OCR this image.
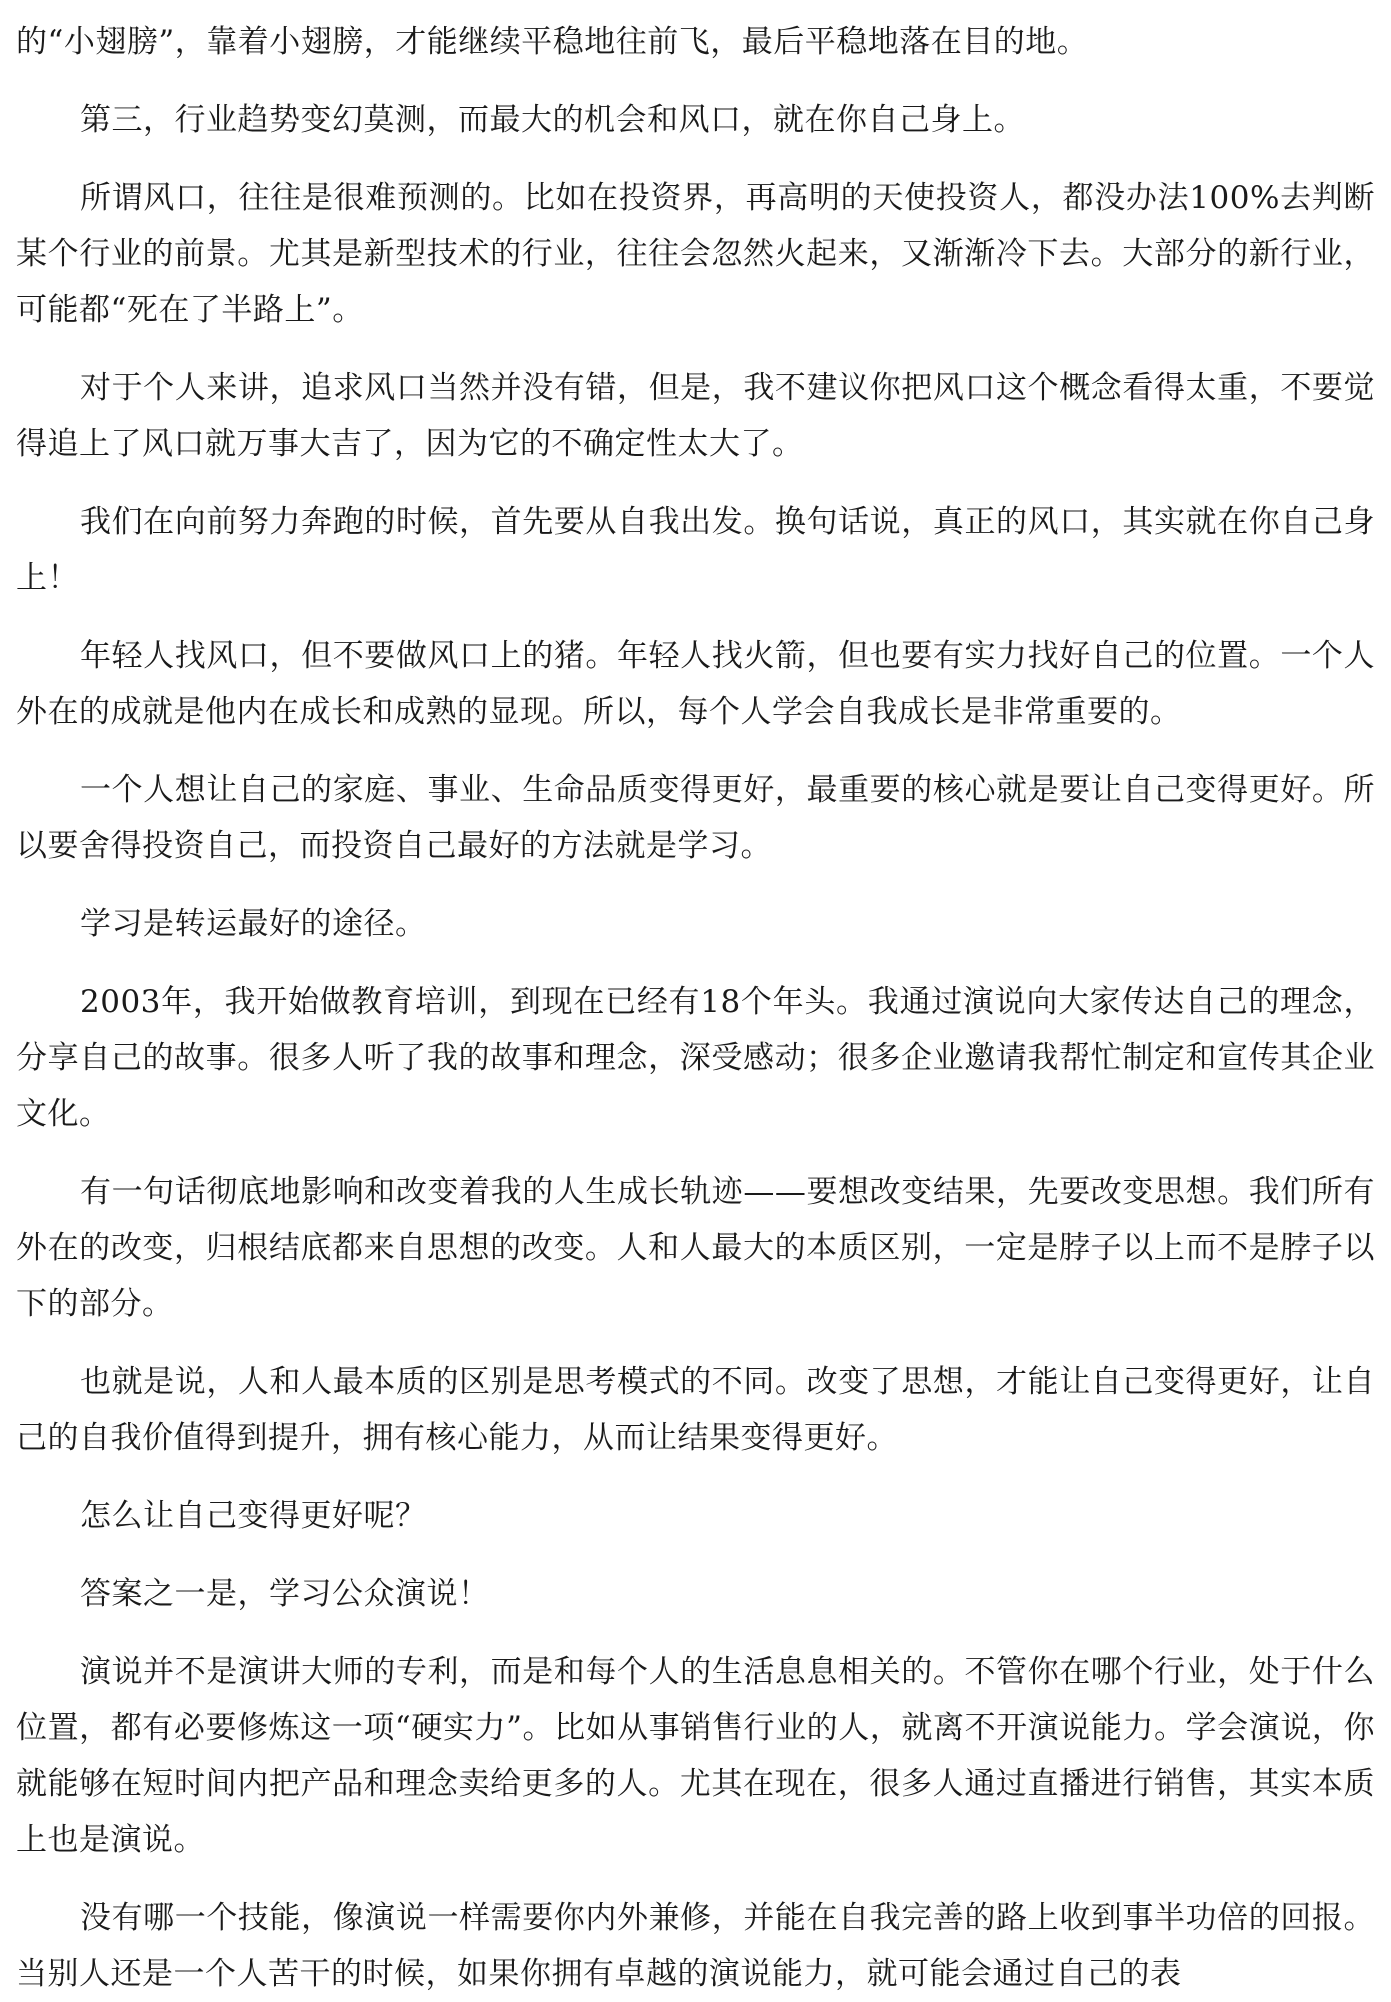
的“小翅膀”，靠着小翅膀，才能继续平稳地往前飞，最后平稳地落在目的地。

第三，行业趋势变幻莫测，而最大的机会和风口，就在你自己身上。

所谓风口，往往是很难预测的。比如在投资界，再高明的天使投资人，都没办法100%去判断某个行业的前景。尤其是新型技术的行业，往往会忽然火起来，又渐渐冷下去。大部分的新行业，可能都“死在了半路上”。

对于个人来讲，追求风口当然并没有错，但是，我不建议你把风口这个概念看得太重，不要觉得追上了风口就万事大吉了，因为它的不确定性太大了。

我们在向前努力奔跑的时候，首先要从自我出发。换句话说，真正的风口，其实就在你自己身上！

年轻人找风口，但不要做风口上的猪。年轻人找火箭，但也要有实力找好自己的位置。一个人外在的成就是他内在成长和成熟的显现。所以，每个人学会自我成长是非常重要的。

一个人想让自己的家庭、事业、生命品质变得更好，最重要的核心就是要让自己变得更好。所以要舍得投资自己，而投资自己最好的方法就是学习。

学习是转运最好的途径。

2003年，我开始做教育培训，到现在已经有18个年头。我通过演说向大家传达自己的理念，分享自己的故事。很多人听了我的故事和理念，深受感动；很多企业邀请我帮忙制定和宣传其企业文化。

有一句话彻底地影响和改变着我的人生成长轨迹——要想改变结果，先要改变思想。我们所有外在的改变，归根结底都来自思想的改变。人和人最大的本质区别，一定是脖子以上而不是脖子以下的部分。

也就是说，人和人最本质的区别是思考模式的不同。改变了思想，才能让自己变得更好，让自己的自我价值得到提升，拥有核心能力，从而让结果变得更好。

怎么让自己变得更好呢？

答案之一是，学习公众演说！

演说并不是演讲大师的专利，而是和每个人的生活息息相关的。不管你在哪个行业，处于什么位置，都有必要修炼这一项“硬实力”。比如从事销售行业的人，就离不开演说能力。学会演说，你就能够在短时间内把产品和理念卖给更多的人。尤其在现在，很多人通过直播进行销售，其实本质上也是演说。

没有哪一个技能，像演说一样需要你内外兼修，并能在自我完善的路上收到事半功倍的回报。当别人还是一个人苦干的时候，如果你拥有卓越的演说能力，就可能会通过自己的表
